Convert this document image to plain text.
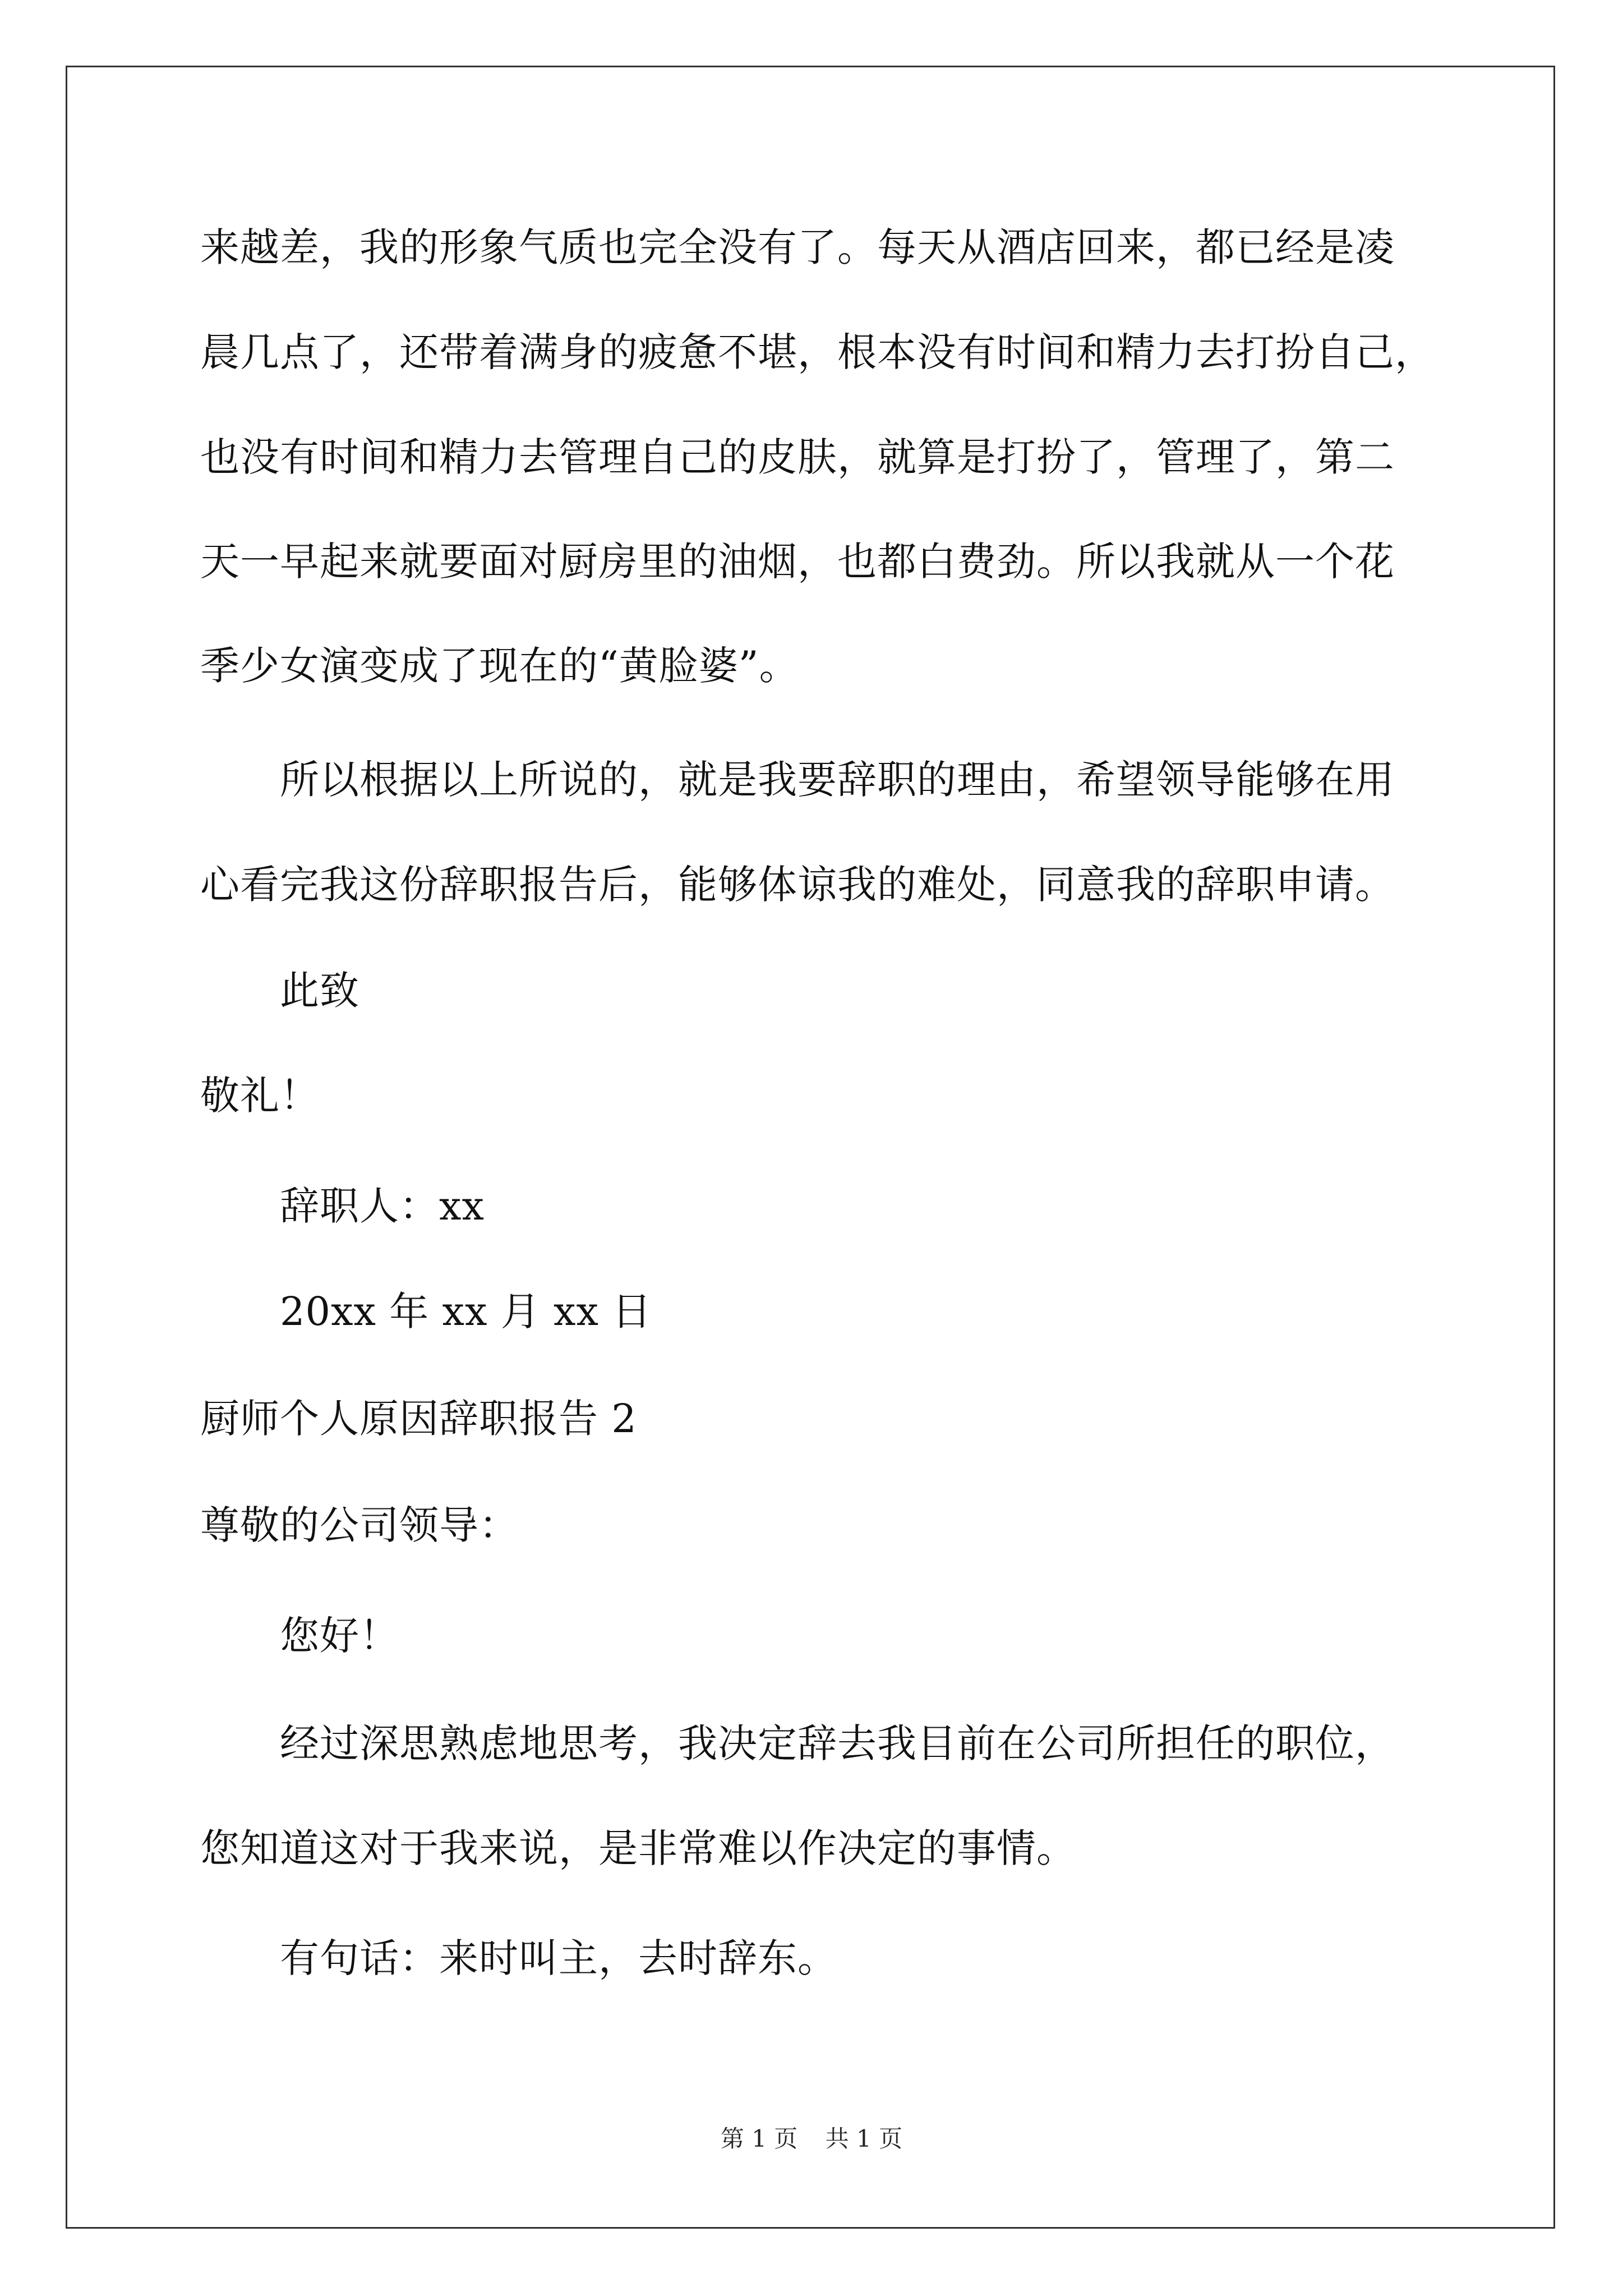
来越差，我的形象气质也完全没有了。每天从酒店回来，都已经是凌
晨几点了，还带着满身的疲惫不堪，根本没有时间和精力去打扮自己，
也没有时间和精力去管理自己的皮肤，就算是打扮了，管理了，第二
天一早起来就要面对厨房里的油烟，也都白费劲。所以我就从一个花
季少女演变成了现在的“黄脸婆”。
所以根据以上所说的，就是我要辞职的理由，希望领导能够在用
心看完我这份辞职报告后，能够体谅我的难处，同意我的辞职申请。
此致
敬礼！
辞职人：xx
20xx 年 xx 月 xx 日
厨师个人原因辞职报告 2
尊敬的公司领导：
您好！
经过深思熟虑地思考，我决定辞去我目前在公司所担任的职位，
您知道这对于我来说，是非常难以作决定的事情。
有句话：来时叫主，去时辞东。
第 1 页 共 1 页
